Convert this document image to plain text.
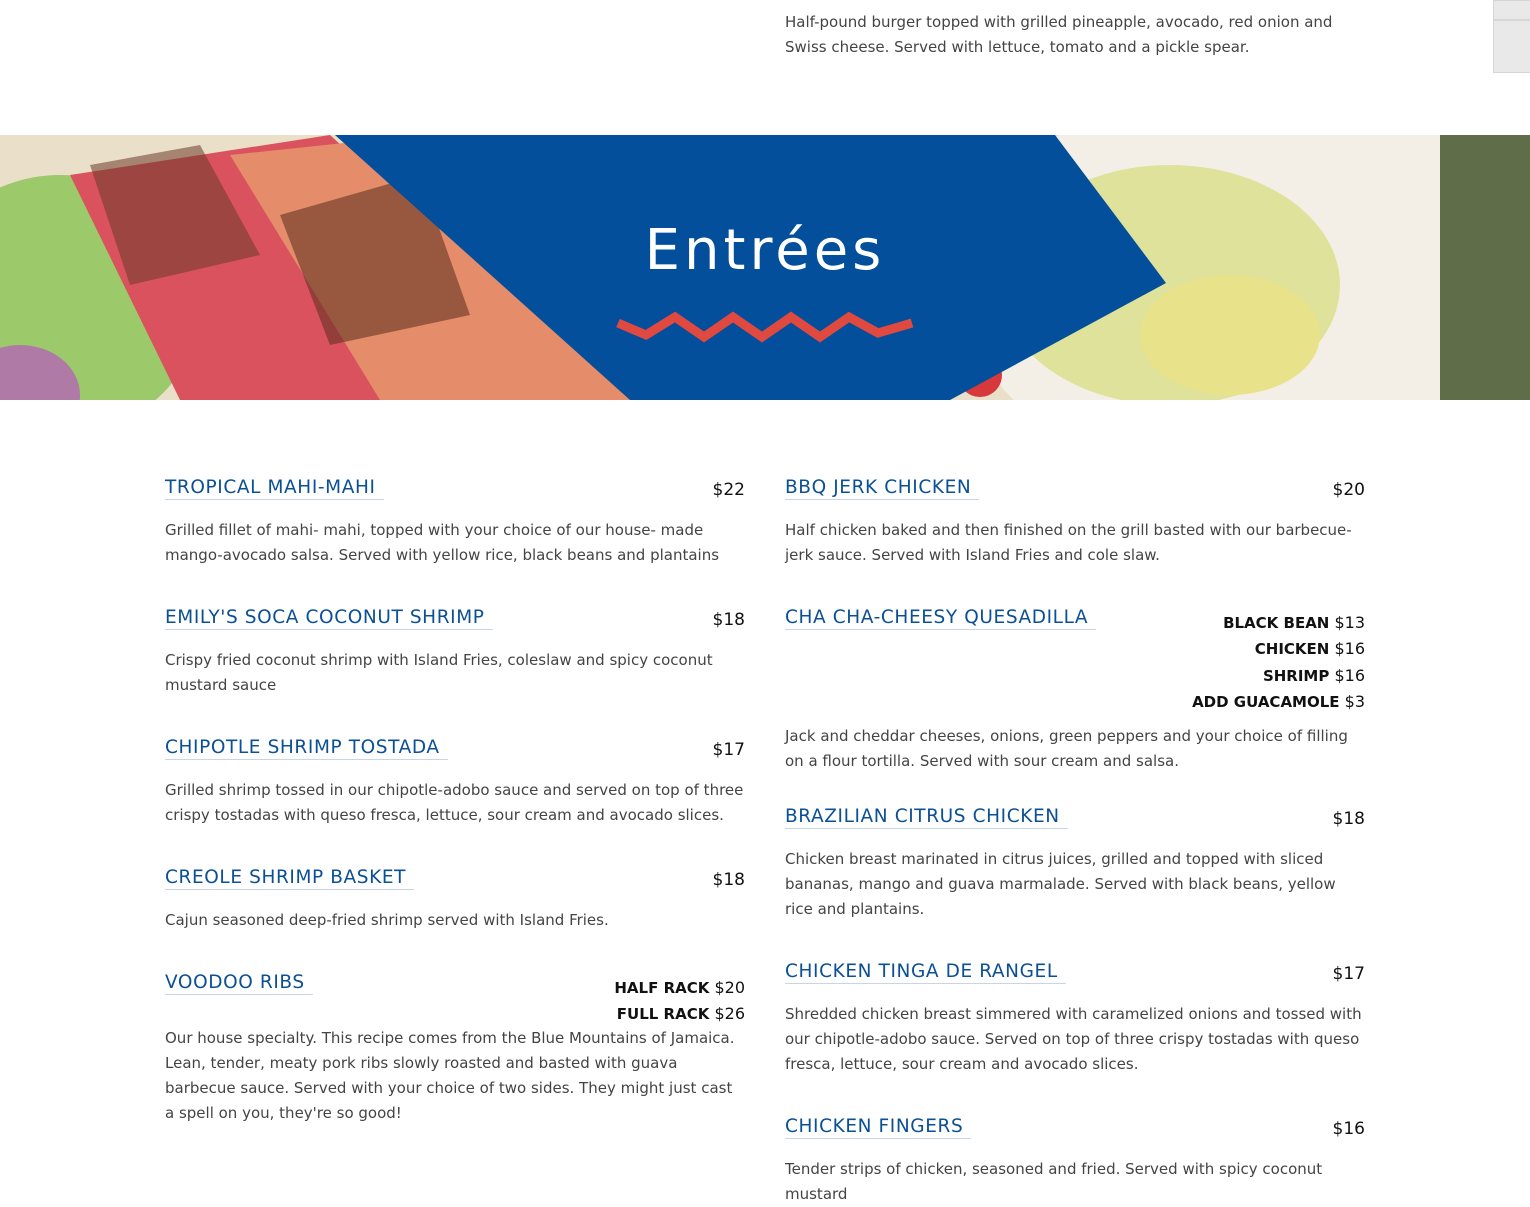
Half-pound burger topped with grilled pineapple, avocado, red onion and Swiss cheese. Served with lettuce, tomato and a pickle spear.
Entrées
TROPICAL MAHI-MAHI	$22
Grilled fillet of mahi- mahi, topped with your choice of our house- made mango-avocado salsa. Served with yellow rice, black beans and plantains
EMILY'S SOCA COCONUT SHRIMP	$18
Crispy fried coconut shrimp with Island Fries, coleslaw and spicy coconut mustard sauce
CHIPOTLE SHRIMP TOSTADA	$17
Grilled shrimp tossed in our chipotle-adobo sauce and served on top of three crispy tostadas with queso fresca, lettuce, sour cream and avocado slices.
CREOLE SHRIMP BASKET	$18
Cajun seasoned deep-fried shrimp served with Island Fries.
VOODOO RIBS	HALF RACK $20
FULL RACK $26
Our house specialty. This recipe comes from the Blue Mountains of Jamaica. Lean, tender, meaty pork ribs slowly roasted and basted with guava barbecue sauce. Served with your choice of two sides. They might just cast a spell on you, they're so good!
BBQ JERK CHICKEN	$20
Half chicken baked and then finished on the grill basted with our barbecue-jerk sauce. Served with Island Fries and cole slaw.
CHA CHA-CHEESY QUESADILLA	BLACK BEAN $13
CHICKEN $16
SHRIMP $16
ADD GUACAMOLE $3
Jack and cheddar cheeses, onions, green peppers and your choice of filling on a flour tortilla. Served with sour cream and salsa.
BRAZILIAN CITRUS CHICKEN	$18
Chicken breast marinated in citrus juices, grilled and topped with sliced bananas, mango and guava marmalade. Served with black beans, yellow rice and plantains.
CHICKEN TINGA DE RANGEL	$17
Shredded chicken breast simmered with caramelized onions and tossed with our chipotle-adobo sauce. Served on top of three crispy tostadas with queso fresca, lettuce, sour cream and avocado slices.
CHICKEN FINGERS	$16
Tender strips of chicken, seasoned and fried. Served with spicy coconut mustard
